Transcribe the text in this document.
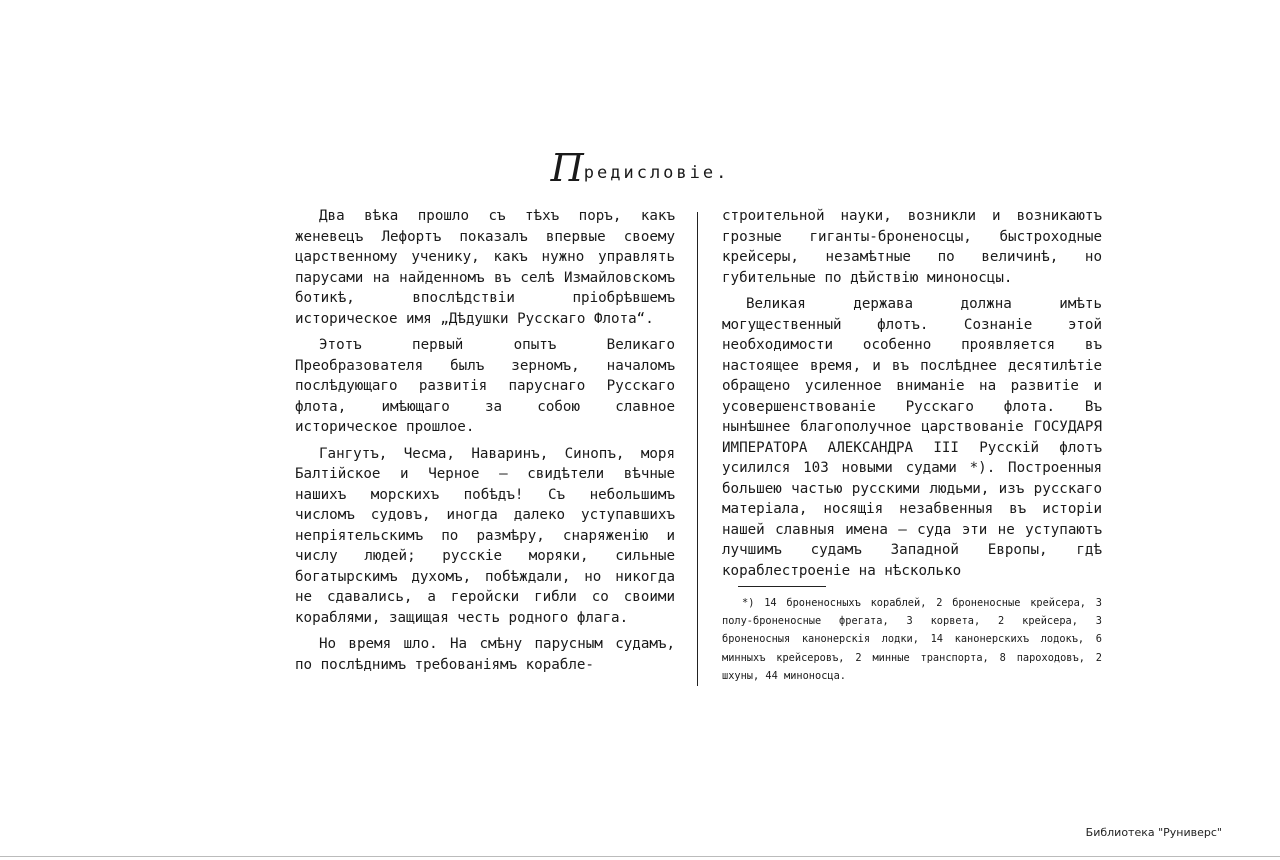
Предисловіе.

Два вѣка прошло съ тѣхъ поръ, какъ женевецъ Лефортъ показалъ впервые своему царственному ученику, какъ нужно управлять парусами на найденномъ въ селѣ Измайловскомъ ботикѣ, впослѣдствіи пріобрѣвшемъ историческое имя „Дѣдушки Русскаго Флота“.

Этотъ первый опытъ Великаго Преобразователя былъ зерномъ, началомъ послѣдующаго развитія паруснаго Русскаго флота, имѣющаго за собою славное историческое прошлое.

Гангутъ, Чесма, Наваринъ, Синопъ, моря Балтійское и Черное — свидѣтели вѣчные нашихъ морскихъ побѣдъ! Съ небольшимъ числомъ судовъ, иногда далеко уступавшихъ непріятельскимъ по размѣру, снаряженію и числу людей; русскіе моряки, сильные богатырскимъ духомъ, побѣждали, но никогда не сдавались, а геройски гибли со своими кораблями, защищая честь родного флага.

Но время шло. На смѣну парусным судамъ, по послѣднимъ требованіямъ корабле-

строительной науки, возникли и возникаютъ грозные гиганты-броненосцы, быстроходные крейсеры, незамѣтные по величинѣ, но губительные по дѣйствію миноносцы.

Великая держава должна имѣть могущественный флотъ. Сознаніе этой необходимости особенно проявляется въ настоящее время, и въ послѣднее десятилѣтіе обращено усиленное вниманіе на развитіе и усовершенствованіе Русскаго флота. Въ нынѣшнее благополучное царствованіе ГОСУДАРЯ ИМПЕРАТОРА АЛЕКСАНДРА III Русскій флотъ усилился 103 новыми судами *). Построенныя большею частью русскими людьми, изъ русскаго матеріала, носящія незабвенныя въ исторіи нашей славныя имена — суда эти не уступаютъ лучшимъ судамъ Западной Европы, гдѣ кораблестроеніе на нѣсколько

*) 14 броненосныхъ кораблей, 2 броненосные крейсера, 3 полу-броненосные фрегата, 3 корвета, 2 крейсера, 3 броненосныя канонерскія лодки, 14 канонерскихъ лодокъ, 6 минныхъ крейсеровъ, 2 минные транспорта, 8 пароходовъ, 2 шхуны, 44 миноносца.

Библиотека "Руниверс"
